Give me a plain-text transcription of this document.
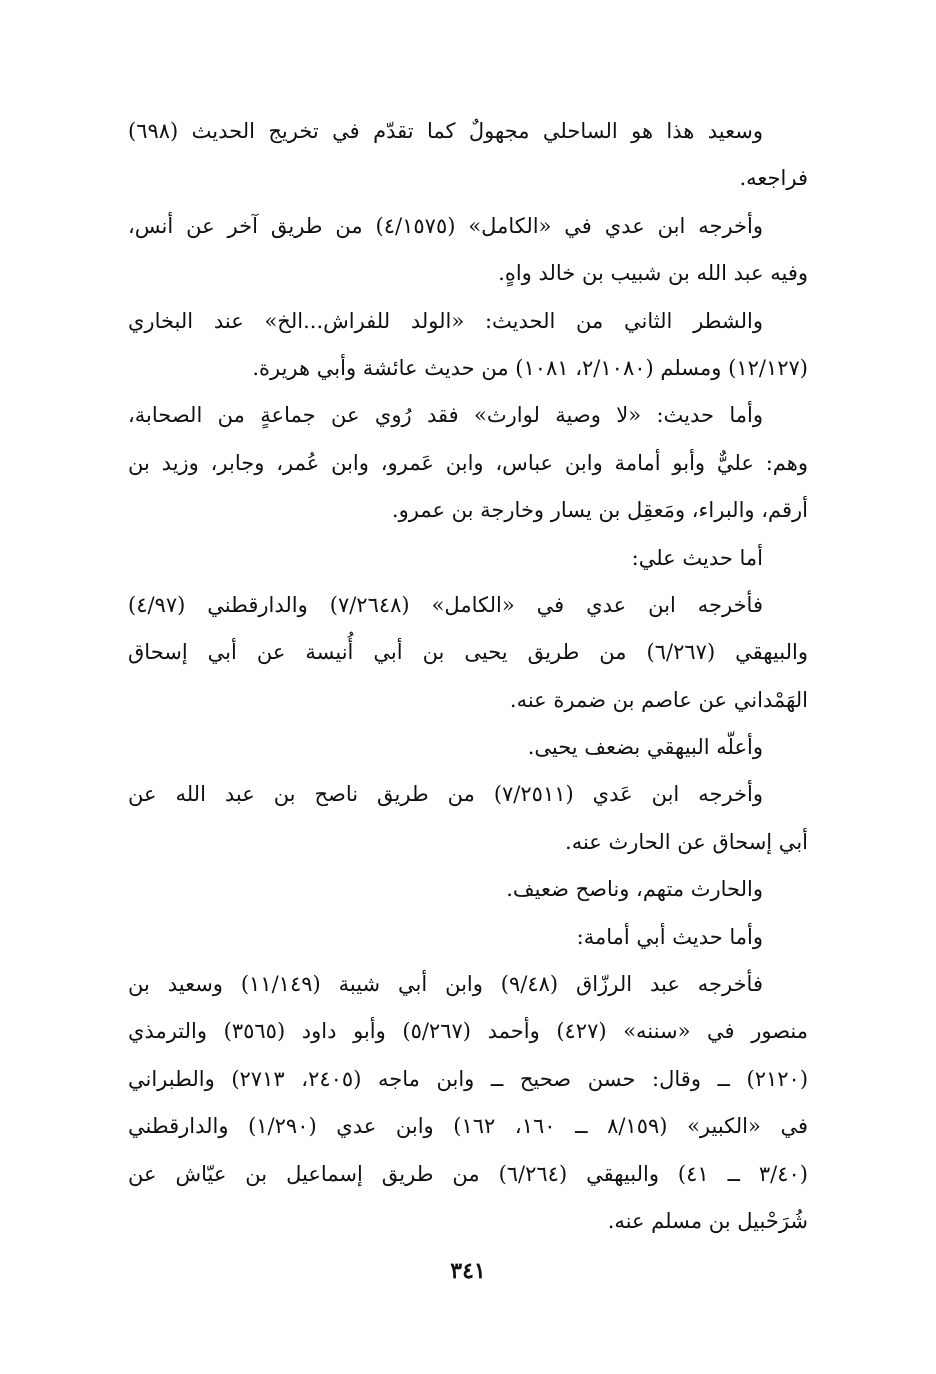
وسعيد هذا هو الساحلي مجهولٌ كما تقدّم في تخريج الحديث (٦٩٨)
فراجعه.
وأخرجه ابن عدي في «الكامل» (٤/١٥٧٥) من طريق آخر عن أنس،
وفيه عبد الله بن شبيب بن خالد واهٍ.
والشطر الثاني من الحديث: «الولد للفراش...الخ» عند البخاري
(١٢/١٢٧) ومسلم (٢/١٠٨٠، ١٠٨١) من حديث عائشة وأبي هريرة.
وأما حديث: «لا وصية لوارث» فقد رُوي عن جماعةٍ من الصحابة،
وهم: عليٌّ وأبو أمامة وابن عباس، وابن عَمرو، وابن عُمر، وجابر، وزيد بن
أرقم، والبراء، ومَعقِل بن يسار وخارجة بن عمرو.
أما حديث علي:
فأخرجه ابن عدي في «الكامل» (٧/٢٦٤٨) والدارقطني (٤/٩٧)
والبيهقي (٦/٢٦٧) من طريق يحيى بن أبي أُنيسة عن أبي إسحاق
الهَمْداني عن عاصم بن ضمرة عنه.
وأعلّه البيهقي بضعف يحيى.
وأخرجه ابن عَدي (٧/٢٥١١) من طريق ناصح بن عبد الله عن
أبي إسحاق عن الحارث عنه.
والحارث متهم، وناصح ضعيف.
وأما حديث أبي أمامة:
فأخرجه عبد الرزّاق (٩/٤٨) وابن أبي شيبة (١١/١٤٩) وسعيد بن
منصور في «سننه» (٤٢٧) وأحمد (٥/٢٦٧) وأبو داود (٣٥٦٥) والترمذي
(٢١٢٠) ــ وقال: حسن صحيح ــ وابن ماجه (٢٤٠٥، ٢٧١٣) والطبراني
في «الكبير» (٨/١٥٩ ــ ١٦٠، ١٦٢) وابن عدي (١/٢٩٠) والدارقطني
(٣/٤٠ ــ ٤١) والبيهقي (٦/٢٦٤) من طريق إسماعيل بن عيّاش عن
شُرَحْبيل بن مسلم عنه.
٣٤١
